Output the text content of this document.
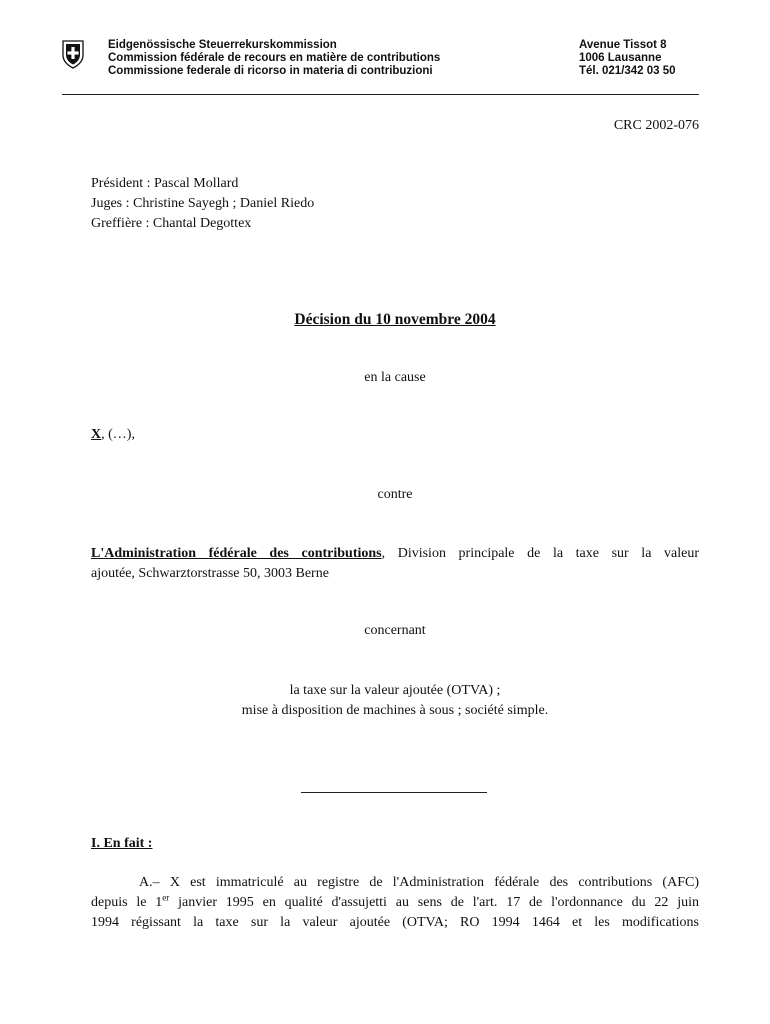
Eidgenössische Steuerrekurskommission
Commission fédérale de recours en matière de contributions
Commissione federale di ricorso in materia di contribuzioni
Avenue Tissot 8
1006 Lausanne
Tél. 021/342 03 50
CRC 2002-076
Président : Pascal Mollard
Juges : Christine Sayegh ; Daniel Riedo
Greffière : Chantal Degottex
Décision du 10 novembre 2004
en la cause
X, (…),
contre
L'Administration fédérale des contributions, Division principale de la taxe sur la valeur
ajoutée, Schwarztorstrasse 50, 3003 Berne
concernant
la taxe sur la valeur ajoutée (OTVA) ;
mise à disposition de machines à sous ; société simple.
I. En fait :
A.– X est immatriculé au registre de l'Administration fédérale des contributions (AFC)
depuis le 1er janvier 1995 en qualité d'assujetti au sens de l'art. 17 de l'ordonnance du 22 juin
1994 régissant la taxe sur la valeur ajoutée (OTVA; RO 1994 1464 et les modifications
